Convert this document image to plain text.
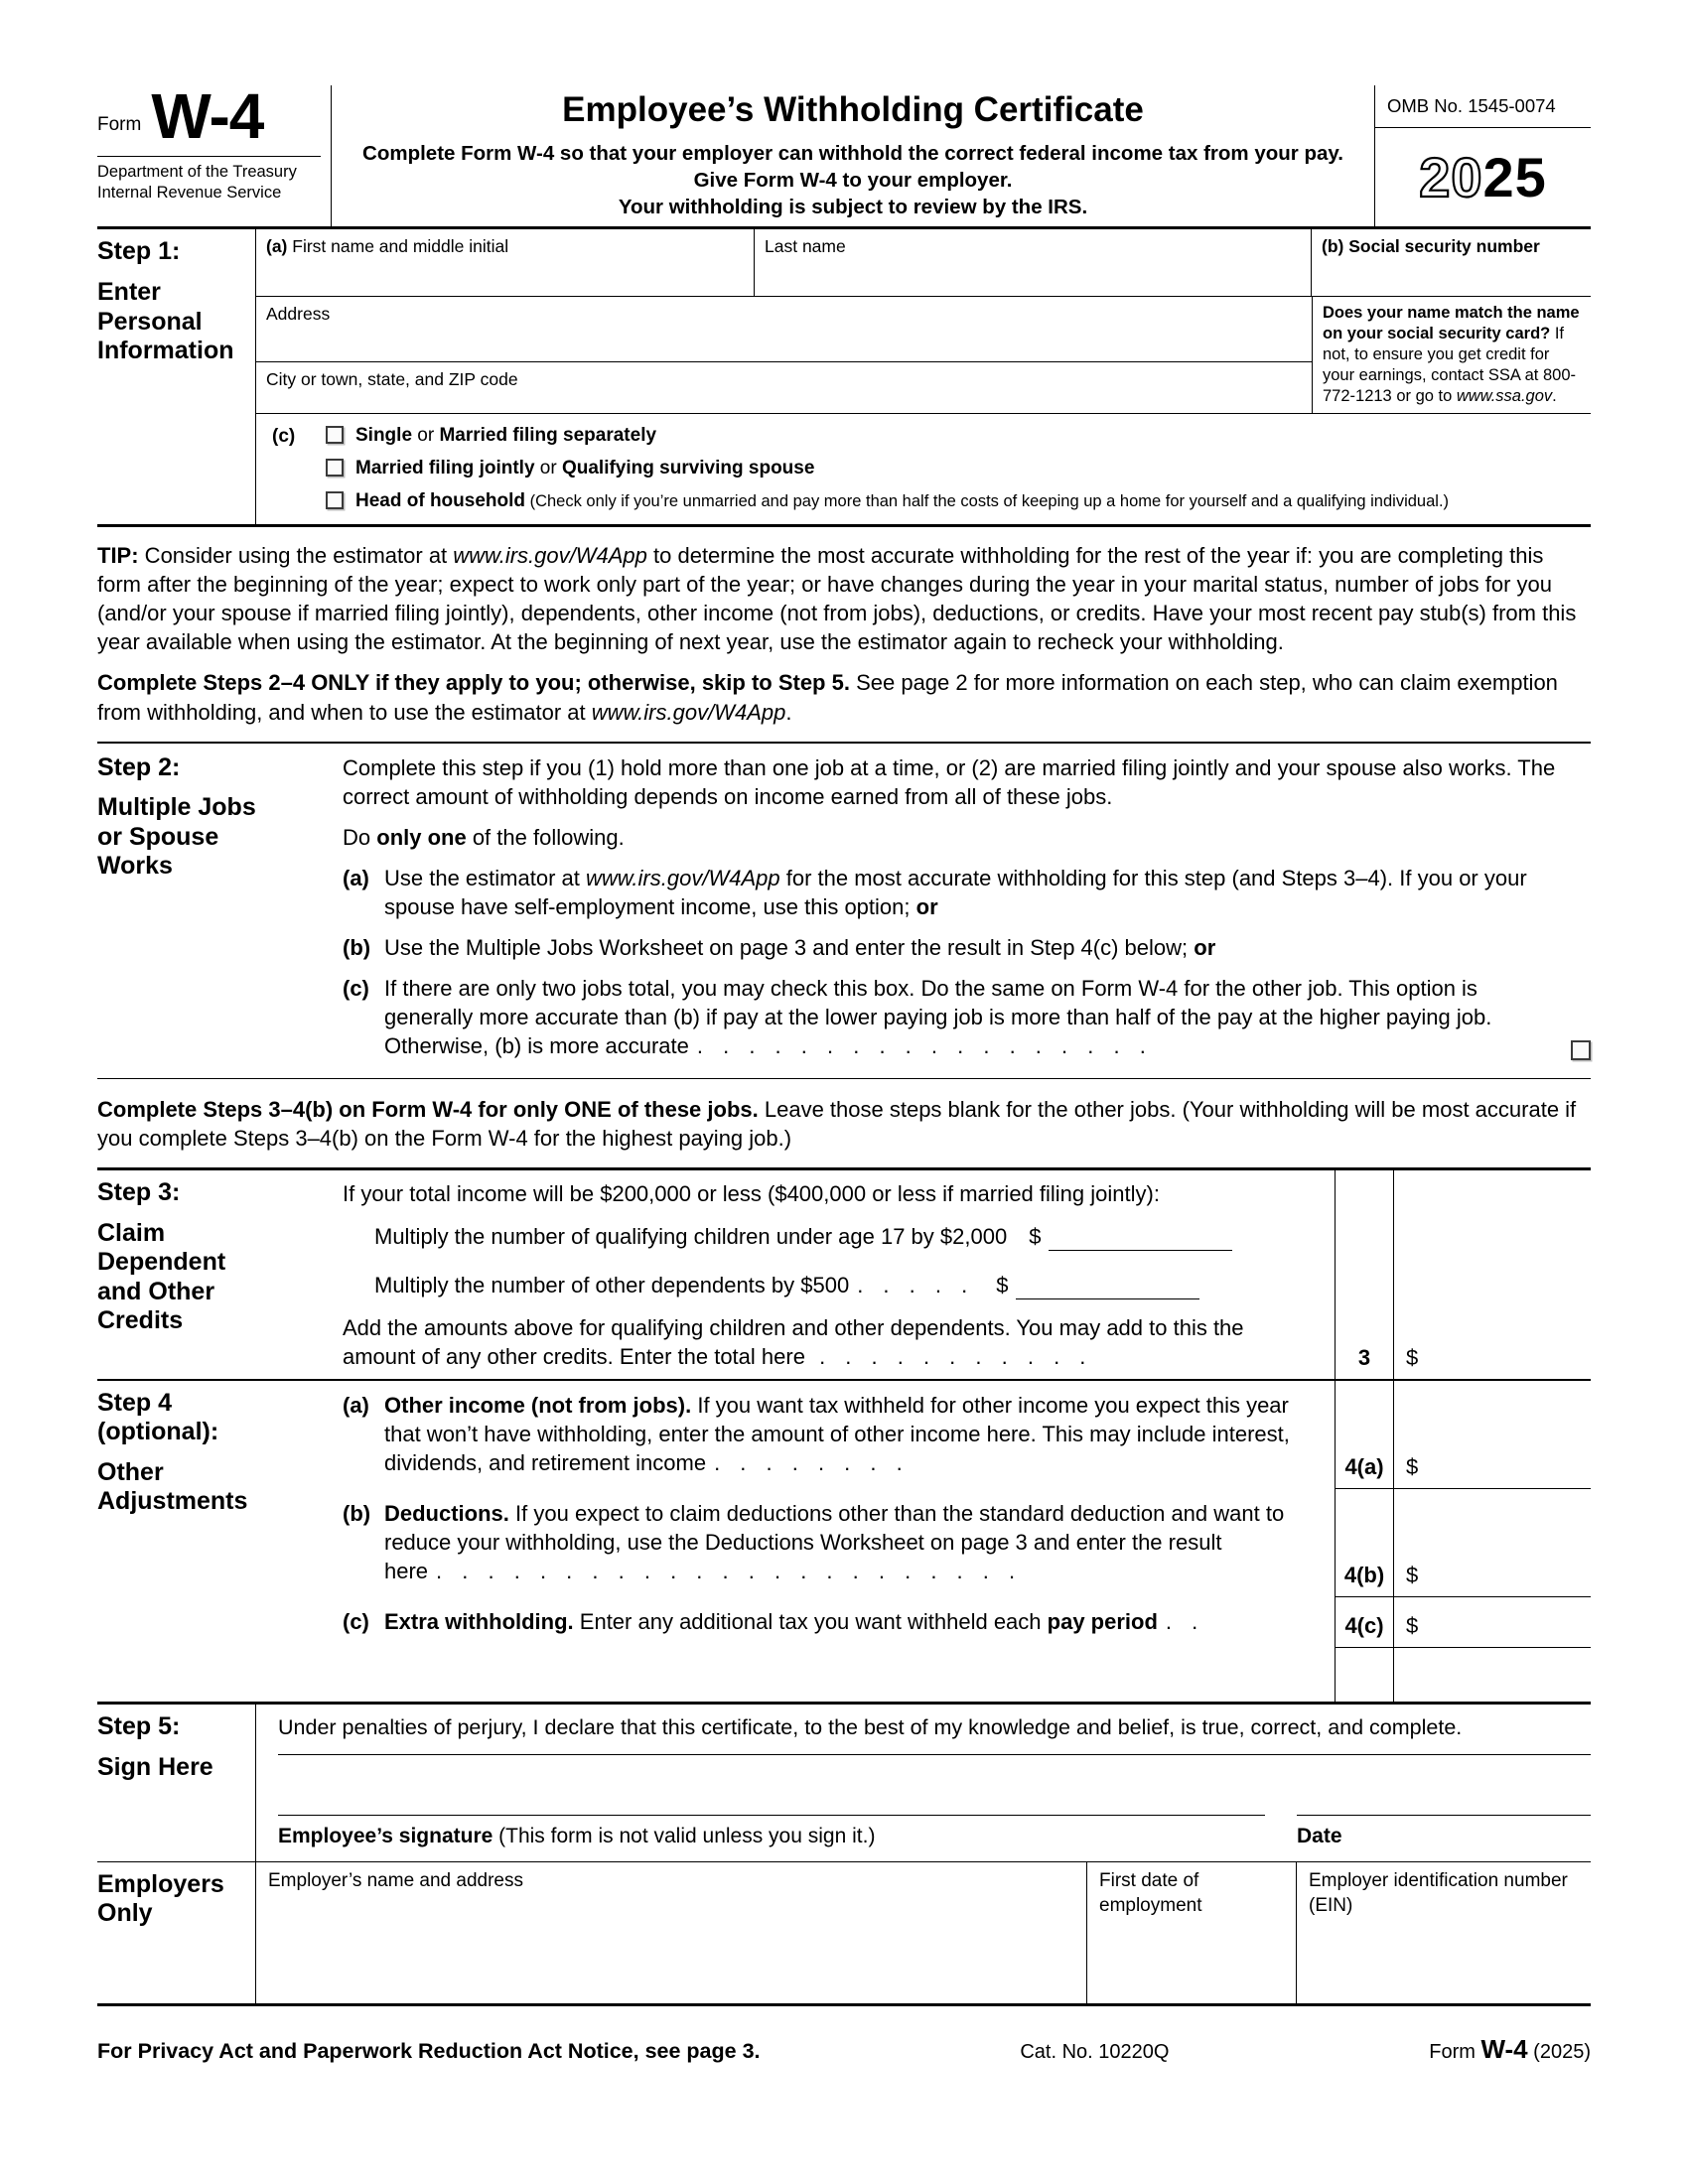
Form W-4
Department of the Treasury
Internal Revenue Service
Employee’s Withholding Certificate
Complete Form W-4 so that your employer can withhold the correct federal income tax from your pay.
Give Form W-4 to your employer.
Your withholding is subject to review by the IRS.
OMB No. 1545-0074
20 25
Step 1:
Enter Personal Information
(a) First name and middle initial	Last name	(b) Social security number
Address
City or town, state, and ZIP code
Does your name match the name on your social security card? If not, to ensure you get credit for your earnings, contact SSA at 800-772-1213 or go to www.ssa.gov.
(c)	Single or Married filing separately
Married filing jointly or Qualifying surviving spouse
Head of household (Check only if you’re unmarried and pay more than half the costs of keeping up a home for yourself and a qualifying individual.)
TIP: Consider using the estimator at www.irs.gov/W4App to determine the most accurate withholding for the rest of the year if: you are completing this form after the beginning of the year; expect to work only part of the year; or have changes during the year in your marital status, number of jobs for you (and/or your spouse if married filing jointly), dependents, other income (not from jobs), deductions, or credits. Have your most recent pay stub(s) from this year available when using the estimator. At the beginning of next year, use the estimator again to recheck your withholding.
Complete Steps 2–4 ONLY if they apply to you; otherwise, skip to Step 5. See page 2 for more information on each step, who can claim exemption from withholding, and when to use the estimator at www.irs.gov/W4App.
Step 2:
Multiple Jobs or Spouse Works
Complete this step if you (1) hold more than one job at a time, or (2) are married filing jointly and your spouse also works. The correct amount of withholding depends on income earned from all of these jobs.
Do only one of the following.
(a) Use the estimator at www.irs.gov/W4App for the most accurate withholding for this step (and Steps 3–4). If you or your spouse have self-employment income, use this option; or
(b) Use the Multiple Jobs Worksheet on page 3 and enter the result in Step 4(c) below; or
(c) If there are only two jobs total, you may check this box. Do the same on Form W-4 for the other job. This option is generally more accurate than (b) if pay at the lower paying job is more than half of the pay at the higher paying job. Otherwise, (b) is more accurate . . . . . . . . . . . . . . . . . .
Complete Steps 3–4(b) on Form W-4 for only ONE of these jobs. Leave those steps blank for the other jobs. (Your withholding will be most accurate if you complete Steps 3–4(b) on the Form W-4 for the highest paying job.)
Step 3:
Claim Dependent and Other Credits
If your total income will be $200,000 or less ($400,000 or less if married filing jointly):
Multiply the number of qualifying children under age 17 by $2,000 $
Multiply the number of other dependents by $500 . . . . . $
Add the amounts above for qualifying children and other dependents. You may add to this the amount of any other credits. Enter the total here . . . . . . . . . . .	3	$
Step 4
(optional):
Other Adjustments
(a) Other income (not from jobs). If you want tax withheld for other income you expect this year that won’t have withholding, enter the amount of other income here. This may include interest, dividends, and retirement income . . . . . . . .	4(a)	$
(b) Deductions. If you expect to claim deductions other than the standard deduction and want to reduce your withholding, use the Deductions Worksheet on page 3 and enter the result here . . . . . . . . . . . . . . . . . . . . . . .	4(b) $
(c) Extra withholding. Enter any additional tax you want withheld each pay period . .	4(c)	$
Step 5:
Sign Here
Under penalties of perjury, I declare that this certificate, to the best of my knowledge and belief, is true, correct, and complete.
Employee’s signature (This form is not valid unless you sign it.)	Date
Employers Only
Employer’s name and address	First date of employment
Employer identification number (EIN)
For Privacy Act and Paperwork Reduction Act Notice, see page 3.	Cat. No. 10220Q	Form W-4 (2025)
